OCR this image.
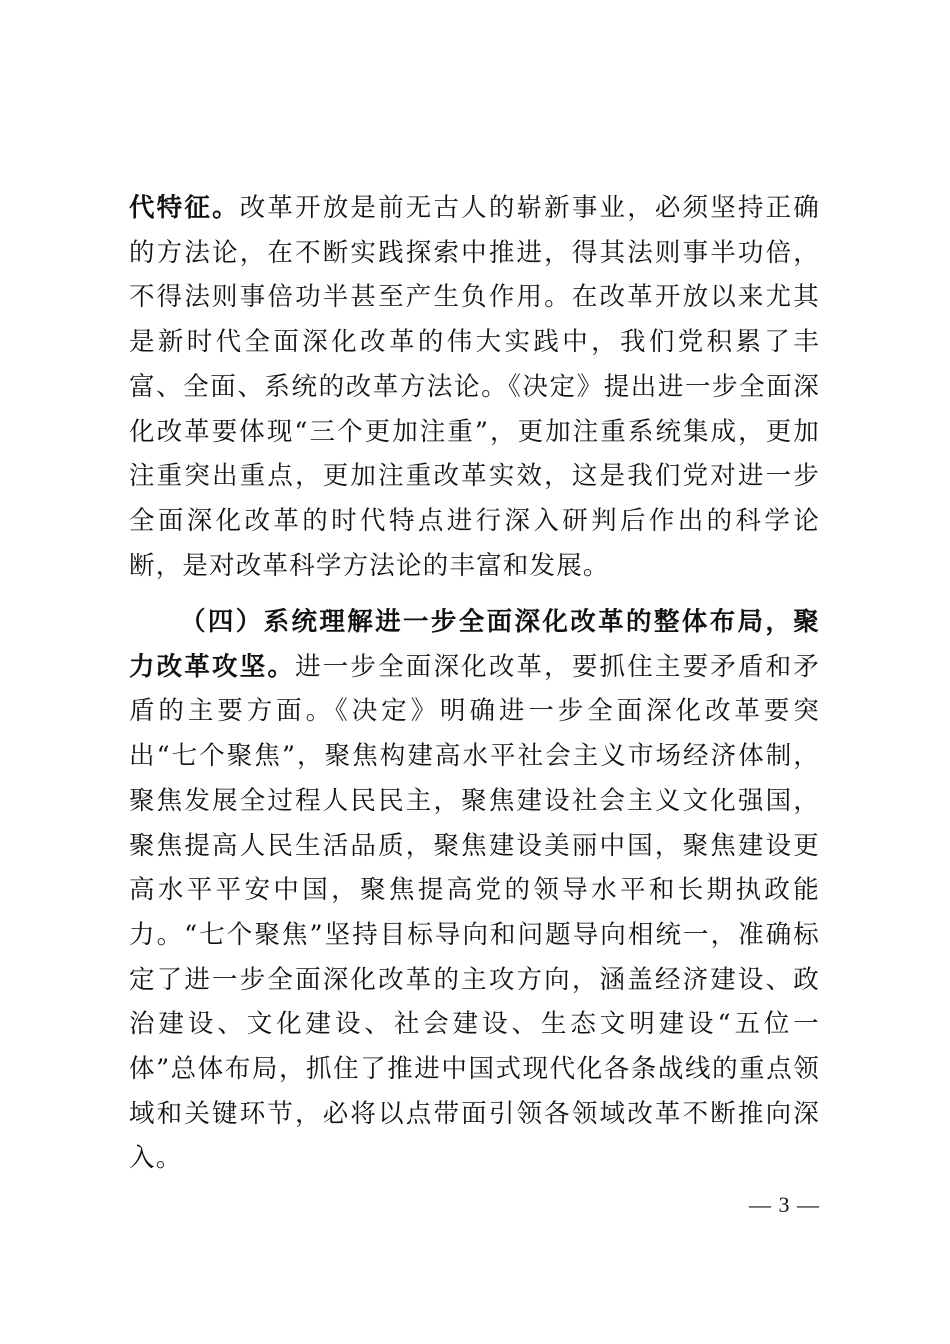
代特征。改革开放是前无古人的崭新事业，必须坚持正确的方法论，在不断实践探索中推进，得其法则事半功倍，不得法则事倍功半甚至产生负作用。在改革开放以来尤其是新时代全面深化改革的伟大实践中，我们党积累了丰富、全面、系统的改革方法论。《决定》提出进一步全面深化改革要体现“三个更加注重”，更加注重系统集成，更加注重突出重点，更加注重改革实效，这是我们党对进一步全面深化改革的时代特点进行深入研判后作出的科学论断，是对改革科学方法论的丰富和发展。

（四）系统理解进一步全面深化改革的整体布局，聚力改革攻坚。进一步全面深化改革，要抓住主要矛盾和矛盾的主要方面。《决定》明确进一步全面深化改革要突出“七个聚焦”，聚焦构建高水平社会主义市场经济体制，聚焦发展全过程人民民主，聚焦建设社会主义文化强国，聚焦提高人民生活品质，聚焦建设美丽中国，聚焦建设更高水平平安中国，聚焦提高党的领导水平和长期执政能力。“七个聚焦”坚持目标导向和问题导向相统一，准确标定了进一步全面深化改革的主攻方向，涵盖经济建设、政治建设、文化建设、社会建设、生态文明建设“五位一体”总体布局，抓住了推进中国式现代化各条战线的重点领域和关键环节，必将以点带面引领各领域改革不断推向深入。

— 3 —
